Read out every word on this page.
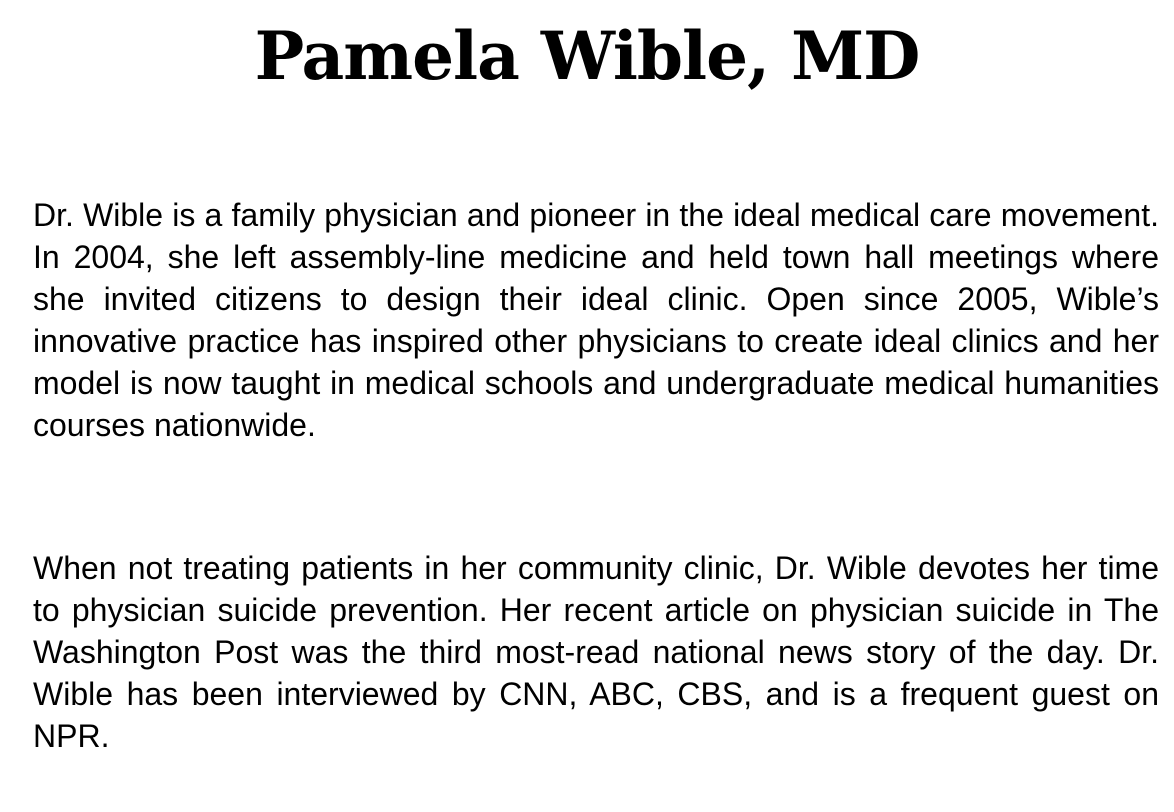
Pamela Wible, MD

Dr. Wible is a family physician and pioneer in the ideal medical care movement. In 2004, she left assembly-line medicine and held town hall meetings where she invited citizens to design their ideal clinic. Open since 2005, Wible’s innovative practice has inspired other physicians to create ideal clinics and her model is now taught in medical schools and undergraduate medical humanities courses nationwide.

When not treating patients in her community clinic, Dr. Wible devotes her time to physician suicide prevention. Her recent article on physician suicide in The Washington Post was the third most-read national news story of the day. Dr. Wible has been interviewed by CNN, ABC, CBS, and is a frequent guest on NPR.
